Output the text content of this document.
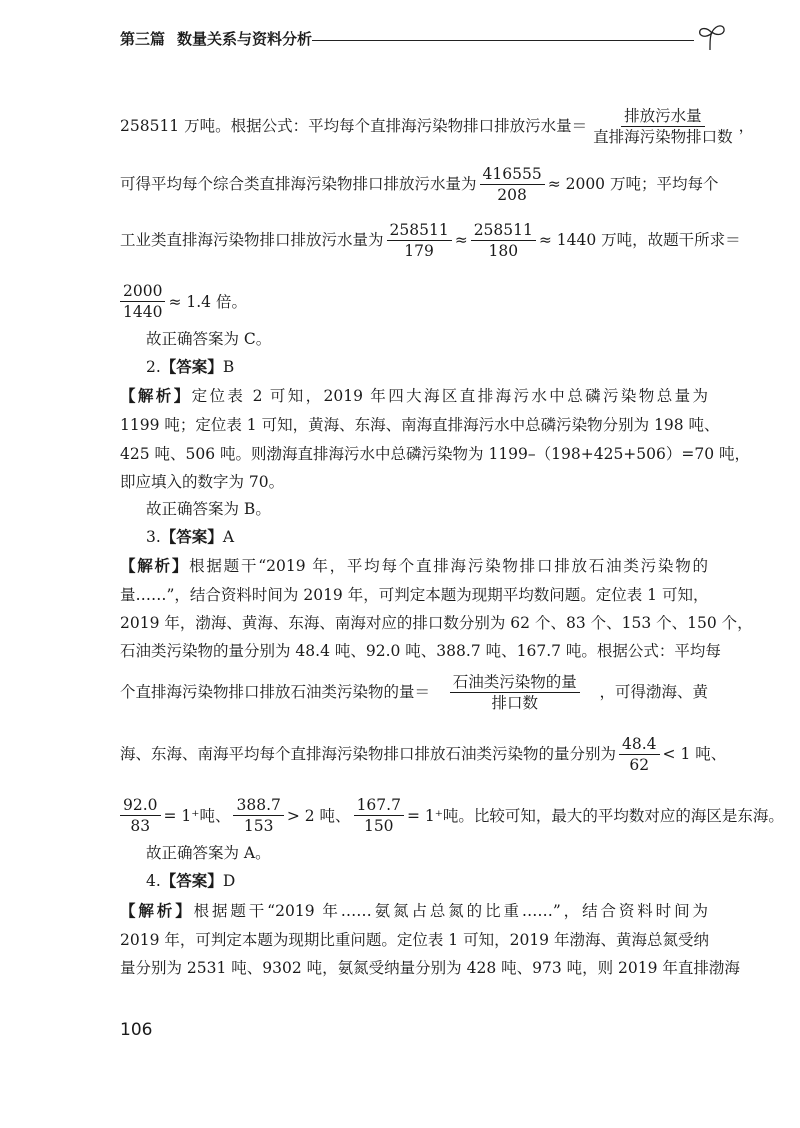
第三篇 数量关系与资料分析
258511 万吨。根据公式：平均每个直排海污染物排口排放污水量＝ $\frac{\text{排放污水量}}{\text{直排海污染物排口数}}$ ，
可得平均每个综合类直排海污染物排口排放污水量为 $\frac{416555}{208} \approx 2000$ 万吨；平均每个
工业类直排海污染物排口排放污水量为 $\frac{258511}{179} \approx \frac{258511}{180} \approx 1440$ 万吨，故题干所求＝
$\frac{2000}{1440} \approx 1.4$ 倍。
故正确答案为 C。
2.【答案】B
【解析】定位表 2 可知，2019 年四大海区直排海污水中总磷污染物总量为
1199 吨；定位表 1 可知，黄海、东海、南海直排海污水中总磷污染物分别为 198 吨、
425 吨、506 吨。则渤海直排海污水中总磷污染物为 1199–（198+425+506）=70 吨，
即应填入的数字为 70。
故正确答案为 B。
3.【答案】A
【解析】根据题干“2019 年，平均每个直排海污染物排口排放石油类污染物的
量……”，结合资料时间为 2019 年，可判定本题为现期平均数问题。定位表 1 可知，
2019 年，渤海、黄海、东海、南海对应的排口数分别为 62 个、83 个、153 个、150 个，
石油类污染物的量分别为 48.4 吨、92.0 吨、388.7 吨、167.7 吨。根据公式：平均每
个直排海污染物排口排放石油类污染物的量＝ $\frac{\text{石油类污染物的量}}{\text{排口数}}$ ，可得渤海、黄
海、东海、南海平均每个直排海污染物排口排放石油类污染物的量分别为 $\frac{48.4}{62} < 1$ 吨、
$\frac{92.0}{83} = 1^+$吨、 $\frac{388.7}{153} > 2$ 吨、 $\frac{167.7}{150} = 1^+$吨。比较可知，最大的平均数对应的海区是东海。
故正确答案为 A。
4.【答案】D
【解析】根据题干“2019 年……氨氮占总氮的比重……”，结合资料时间为
2019 年，可判定本题为现期比重问题。定位表 1 可知，2019 年渤海、黄海总氮受纳
量分别为 2531 吨、9302 吨，氨氮受纳量分别为 428 吨、973 吨，则 2019 年直排渤海
106
